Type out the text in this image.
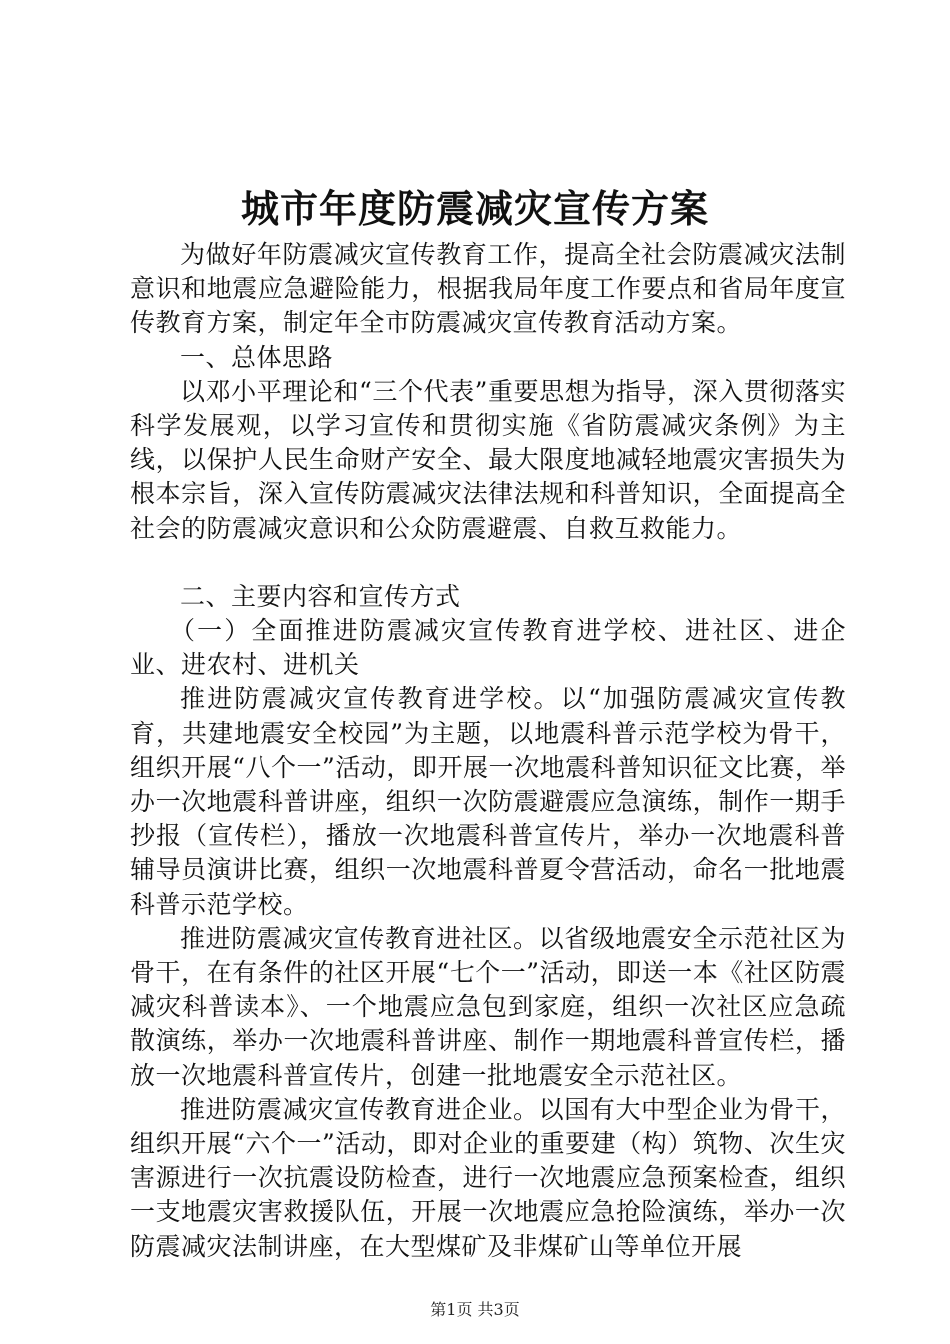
城市年度防震减灾宣传方案

为做好年防震减灾宣传教育工作，提高全社会防震减灾法制意识和地震应急避险能力，根据我局年度工作要点和省局年度宣传教育方案，制定年全市防震减灾宣传教育活动方案。

一、总体思路

以邓小平理论和“三个代表”重要思想为指导，深入贯彻落实科学发展观，以学习宣传和贯彻实施《省防震减灾条例》为主线，以保护人民生命财产安全、最大限度地减轻地震灾害损失为根本宗旨，深入宣传防震减灾法律法规和科普知识，全面提高全社会的防震减灾意识和公众防震避震、自救互救能力。

二、主要内容和宣传方式

（一）全面推进防震减灾宣传教育进学校、进社区、进企业、进农村、进机关

推进防震减灾宣传教育进学校。以“加强防震减灾宣传教育，共建地震安全校园”为主题，以地震科普示范学校为骨干，组织开展“八个一”活动，即开展一次地震科普知识征文比赛，举办一次地震科普讲座，组织一次防震避震应急演练，制作一期手抄报（宣传栏），播放一次地震科普宣传片，举办一次地震科普辅导员演讲比赛，组织一次地震科普夏令营活动，命名一批地震科普示范学校。

推进防震减灾宣传教育进社区。以省级地震安全示范社区为骨干，在有条件的社区开展“七个一”活动，即送一本《社区防震减灾科普读本》、一个地震应急包到家庭，组织一次社区应急疏散演练，举办一次地震科普讲座、制作一期地震科普宣传栏，播放一次地震科普宣传片，创建一批地震安全示范社区。

推进防震减灾宣传教育进企业。以国有大中型企业为骨干，组织开展“六个一”活动，即对企业的重要建（构）筑物、次生灾害源进行一次抗震设防检查，进行一次地震应急预案检查，组织一支地震灾害救援队伍，开展一次地震应急抢险演练，举办一次防震减灾法制讲座，在大型煤矿及非煤矿山等单位开展

第1页 共3页
